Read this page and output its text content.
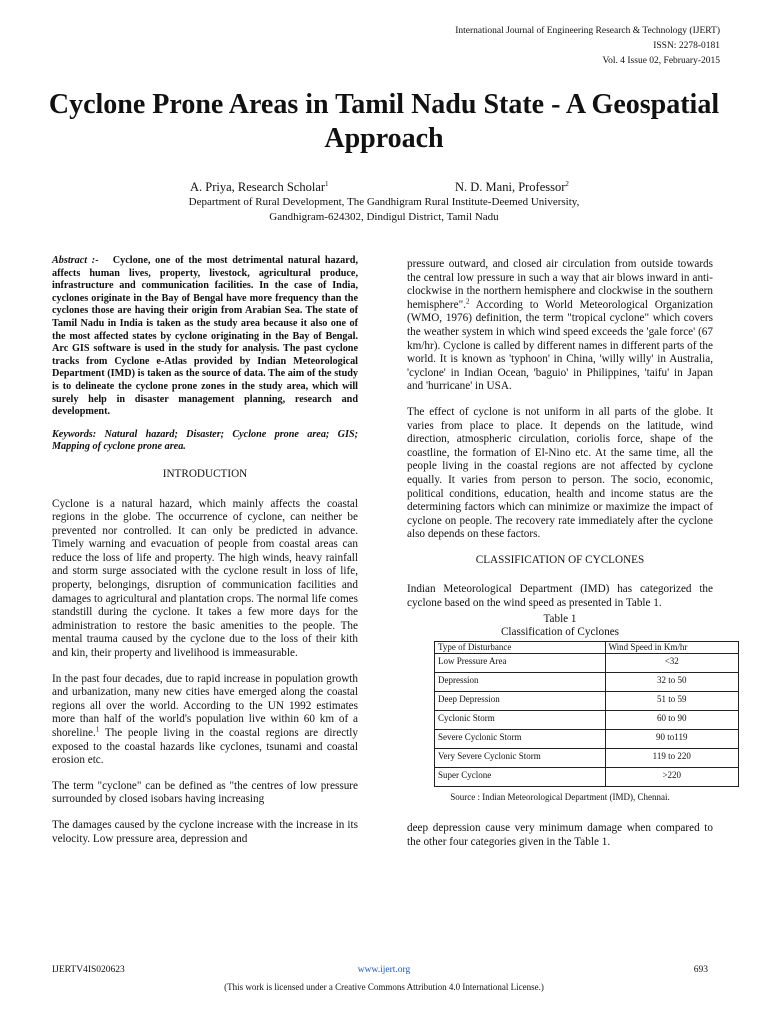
International Journal of Engineering Research & Technology (IJERT)
ISSN: 2278-0181
Vol. 4 Issue 02, February-2015
Cyclone Prone Areas in Tamil Nadu State - A Geospatial Approach
A. Priya, Research Scholar$^1$	N. D. Mani, Professor$^2$
Department of Rural Development, The Gandhigram Rural Institute-Deemed University,
Gandhigram-624302, Dindigul District, Tamil Nadu
Abstract :- Cyclone, one of the most detrimental natural hazard, affects human lives, property, livestock, agricultural produce, infrastructure and communication facilities. In the case of India, cyclones originate in the Bay of Bengal have more frequency than the cyclones those are having their origin from Arabian Sea. The state of Tamil Nadu in India is taken as the study area because it also one of the most affected states by cyclone originating in the Bay of Bengal. Arc GIS software is used in the study for analysis. The past cyclone tracks from Cyclone e-Atlas provided by Indian Meteorological Department (IMD) is taken as the source of data. The aim of the study is to delineate the cyclone prone zones in the study area, which will surely help in disaster management planning, research and development.
Keywords: Natural hazard; Disaster; Cyclone prone area; GIS; Mapping of cyclone prone area.
INTRODUCTION

Cyclone is a natural hazard, which mainly affects the coastal regions in the globe. The occurrence of cyclone, can neither be prevented nor controlled. It can only be predicted in advance. Timely warning and evacuation of people from coastal areas can reduce the loss of life and property. The high winds, heavy rainfall and storm surge associated with the cyclone result in loss of life, property, belongings, disruption of communication facilities and damages to agricultural and plantation crops. The normal life comes standstill during the cyclone. It takes a few more days for the administration to restore the basic amenities to the people. The mental trauma caused by the cyclone due to the loss of their kith and kin, their property and livelihood is immeasurable.

In the past four decades, due to rapid increase in population growth and urbanization, many new cities have emerged along the coastal regions all over the world. According to the UN 1992 estimates more than half of the world's population live within 60 km of a shoreline.$^1$ The people living in the coastal regions are directly exposed to the coastal hazards like cyclones, tsunami and coastal erosion etc.

The term "cyclone" can be defined as "the centres of low pressure surrounded by closed isobars having increasing

The damages caused by the cyclone increase with the increase in its velocity. Low pressure area, depression and

pressure outward, and closed air circulation from outside towards the central low pressure in such a way that air blows inward in anti-clockwise in the northern hemisphere and clockwise in the southern hemisphere".$^2$ According to World Meteorological Organization (WMO, 1976) definition, the term "tropical cyclone" which covers the weather system in which wind speed exceeds the 'gale force' (67 km/hr). Cyclone is called by different names in different parts of the world. It is known as 'typhoon' in China, 'willy willy' in Australia, 'cyclone' in Indian Ocean, 'baguio' in Philippines, 'taifu' in Japan and 'hurricane' in USA.

The effect of cyclone is not uniform in all parts of the globe. It varies from place to place. It depends on the latitude, wind direction, atmospheric circulation, coriolis force, shape of the coastline, the formation of El-Nino etc. At the same time, all the people living in the coastal regions are not affected by cyclone equally. It varies from person to person. The socio, economic, political conditions, education, health and income status are the determining factors which can minimize or maximize the impact of cyclone on people. The recovery rate immediately after the cyclone also depends on these factors.

CLASSIFICATION OF CYCLONES

Indian Meteorological Department (IMD) has categorized the cyclone based on the wind speed as presented in Table 1.

Table 1
Classification of Cyclones
Type of Disturbance	Wind Speed in Km/hr
Low Pressure Area	<32
Depression	32 to 50
Deep Depression	51 to 59
Cyclonic Storm	60 to 90
Severe Cyclonic Storm	90 to119
Very Severe Cyclonic Storm	119 to 220
Super Cyclone	>220
Source : Indian Meteorological Department (IMD), Chennai.

deep depression cause very minimum damage when compared to the other four categories given in the Table 1.

IJERTV4IS020623	www.ijert.org	693
(This work is licensed under a Creative Commons Attribution 4.0 International License.)
